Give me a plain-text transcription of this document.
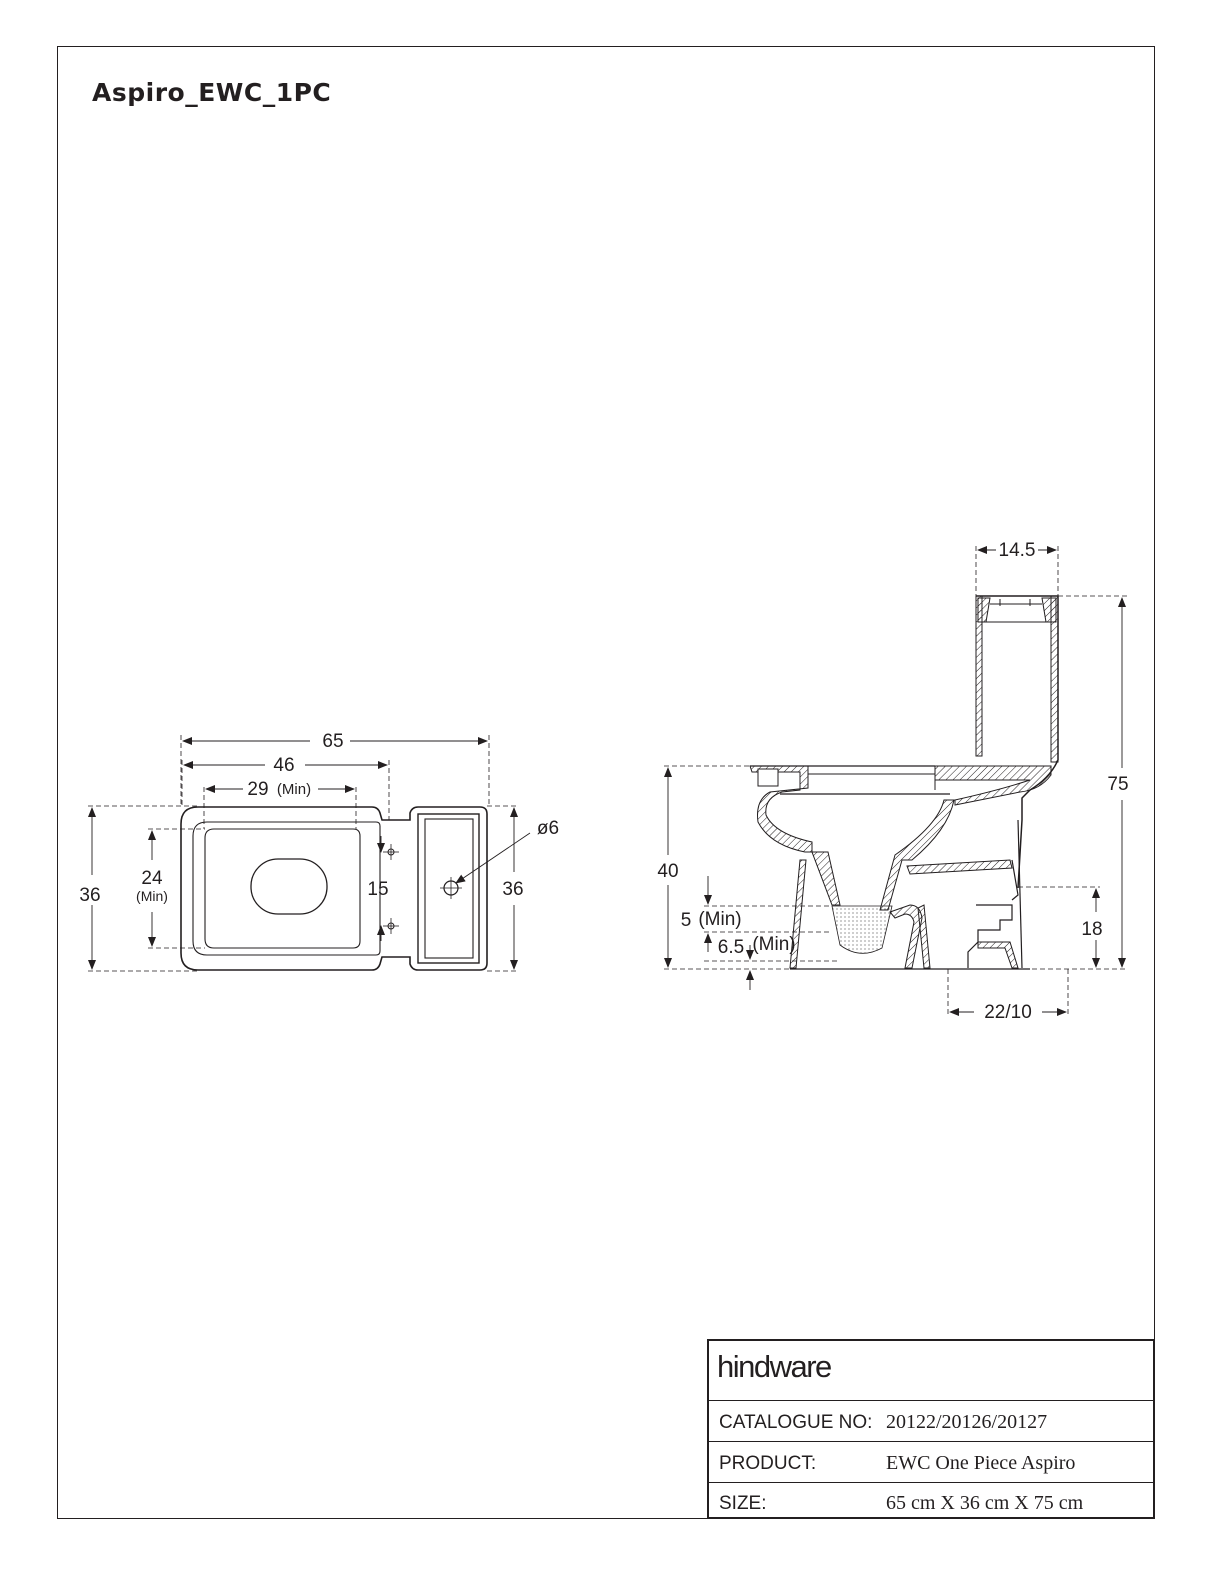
Aspiro_EWC_1PC
65
46
29 (Min)
36
24
(Min)	15	36
ø6
14.5
75
40
18
5 (Min)
6.5 (Min)
22/10
hindware
CATALOGUE NO: 20122/20126/20127
PRODUCT:	EWC One Piece Aspiro
SIZE:	65 cm X 36 cm X 75 cm
